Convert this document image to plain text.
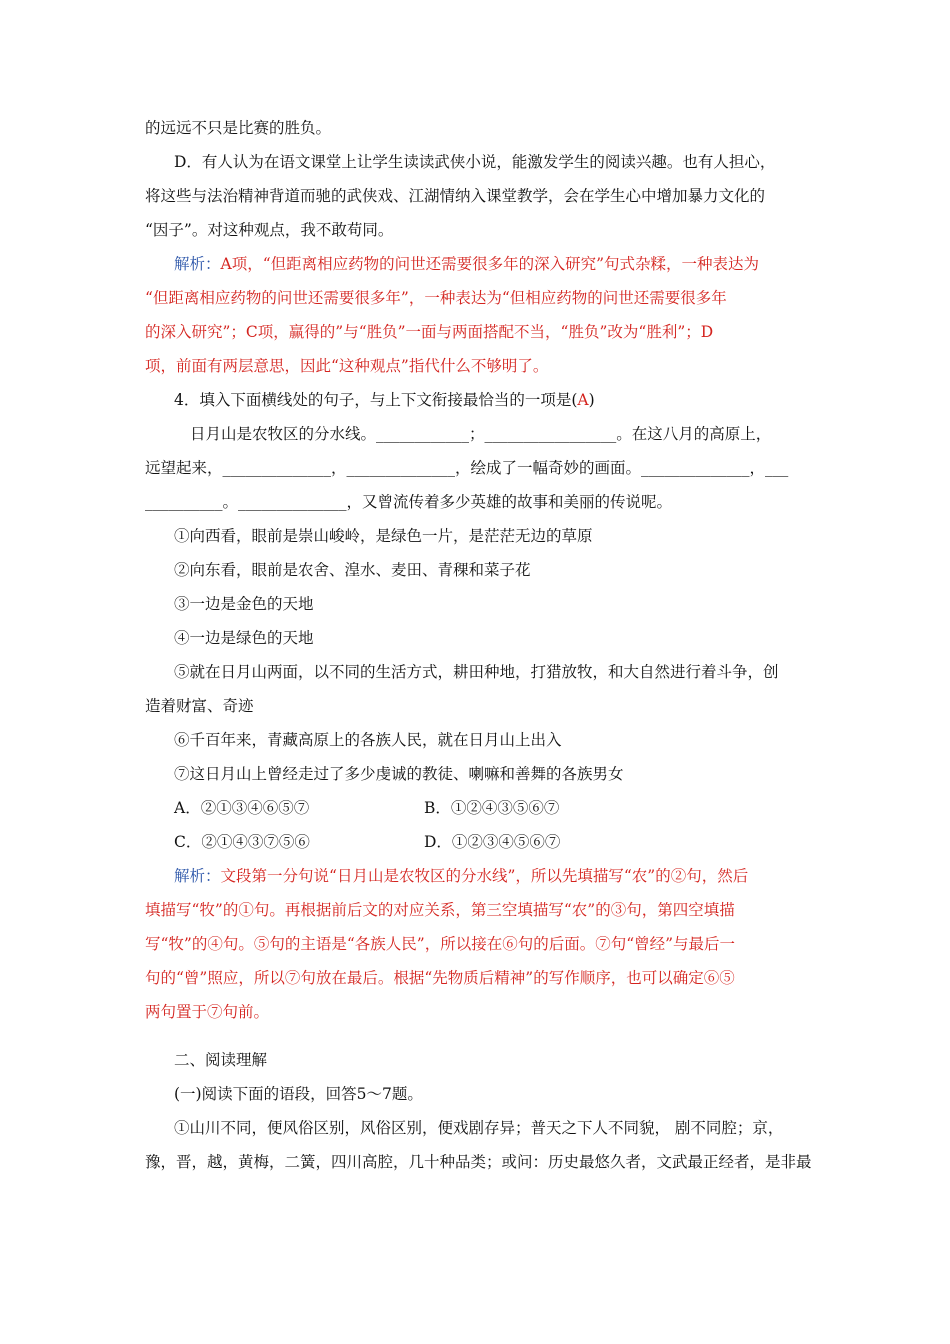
的远远不只是比赛的胜负。
D．有人认为在语文课堂上让学生读读武侠小说，能激发学生的阅读兴趣。也有人担心，
将这些与法治精神背道而驰的武侠戏、江湖情纳入课堂教学，会在学生心中增加暴力文化的
“因子”。对这种观点，我不敢苟同。
解析：A项，“但距离相应药物的问世还需要很多年的深入研究”句式杂糅，一种表达为
“但距离相应药物的问世还需要很多年”，一种表达为“但相应药物的问世还需要很多年
的深入研究”；C项，赢得的”与“胜负”一面与两面搭配不当，“胜负”改为“胜利”；D
项，前面有两层意思，因此“这种观点”指代什么不够明了。
4．填入下面横线处的句子，与上下文衔接最恰当的一项是(A)
日月山是农牧区的分水线。____________；_________________。在这八月的高原上，
远望起来，______________，______________，绘成了一幅奇妙的画面。______________，___
__________。______________，又曾流传着多少英雄的故事和美丽的传说呢。
①向西看，眼前是崇山峻岭，是绿色一片，是茫茫无边的草原
②向东看，眼前是农舍、湟水、麦田、青稞和菜子花
③一边是金色的天地
④一边是绿色的天地
⑤就在日月山两面，以不同的生活方式，耕田种地，打猎放牧，和大自然进行着斗争，创
造着财富、奇迹
⑥千百年来，青藏高原上的各族人民，就在日月山上出入
⑦这日月山上曾经走过了多少虔诚的教徒、喇嘛和善舞的各族男女
A．②①③④⑥⑤⑦	B．①②④③⑤⑥⑦
C．②①④③⑦⑤⑥	D．①②③④⑤⑥⑦
解析：文段第一分句说“日月山是农牧区的分水线”，所以先填描写“农”的②句，然后
填描写“牧”的①句。再根据前后文的对应关系，第三空填描写“农”的③句，第四空填描
写“牧”的④句。⑤句的主语是“各族人民”，所以接在⑥句的后面。⑦句“曾经”与最后一
句的“曾”照应，所以⑦句放在最后。根据“先物质后精神”的写作顺序，也可以确定⑥⑤
两句置于⑦句前。
二、阅读理解
(一)阅读下面的语段，回答5～7题。
①山川不同，便风俗区别，风俗区别，便戏剧存异；普天之下人不同貌， 剧不同腔；京，
豫，晋，越，黄梅，二簧，四川高腔，几十种品类；或问：历史最悠久者，文武最正经者，是非最
